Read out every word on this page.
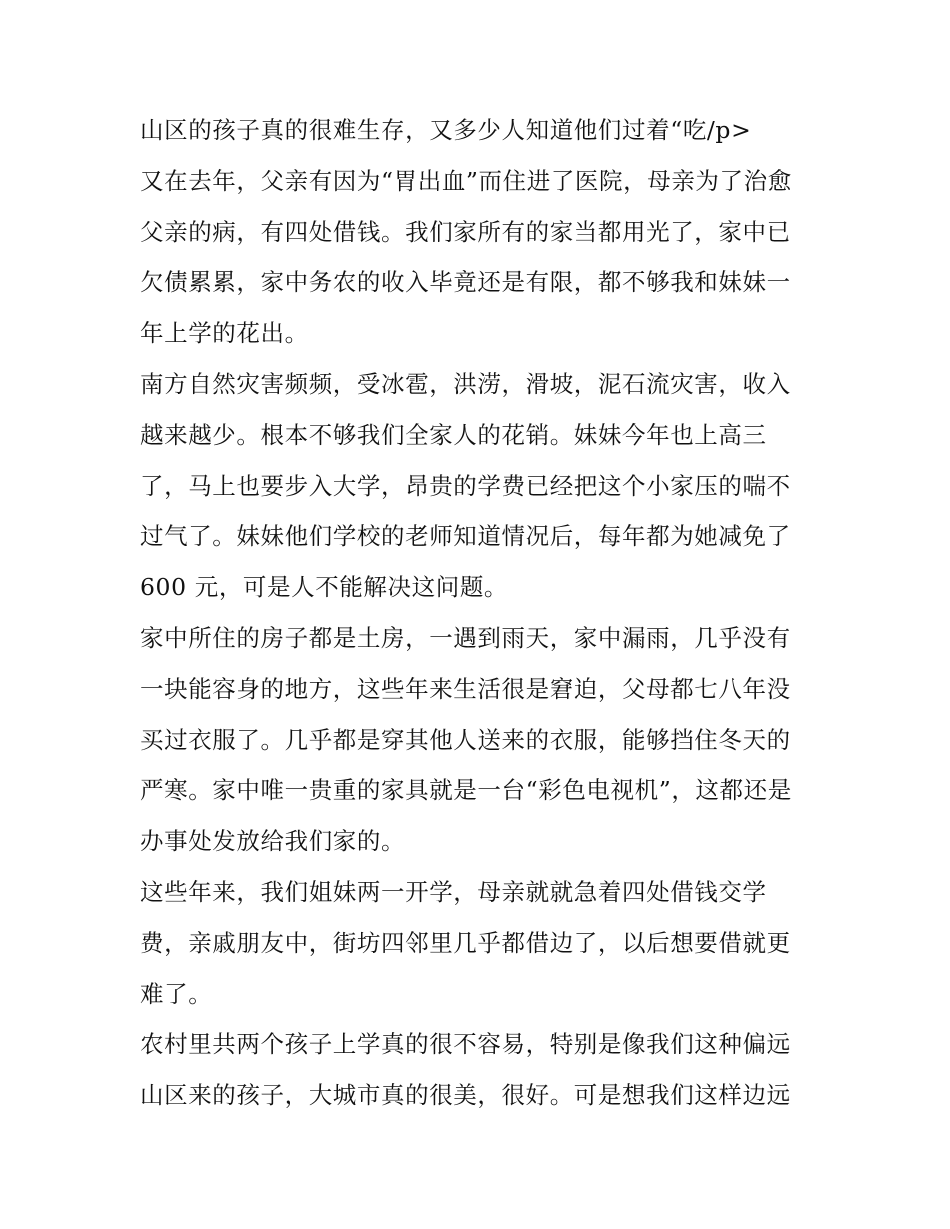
山区的孩子真的很难生存，又多少人知道他们过着“吃/p>
又在去年，父亲有因为“胃出血”而住进了医院，母亲为了治愈
父亲的病，有四处借钱。我们家所有的家当都用光了，家中已
欠债累累，家中务农的收入毕竟还是有限，都不够我和妹妹一
年上学的花出。
南方自然灾害频频，受冰雹，洪涝，滑坡，泥石流灾害，收入
越来越少。根本不够我们全家人的花销。妹妹今年也上高三
了，马上也要步入大学，昂贵的学费已经把这个小家压的喘不
过气了。妹妹他们学校的老师知道情况后，每年都为她减免了
600 元，可是人不能解决这问题。
家中所住的房子都是土房，一遇到雨天，家中漏雨，几乎没有
一块能容身的地方，这些年来生活很是窘迫，父母都七八年没
买过衣服了。几乎都是穿其他人送来的衣服，能够挡住冬天的
严寒。家中唯一贵重的家具就是一台“彩色电视机”，这都还是
办事处发放给我们家的。
这些年来，我们姐妹两一开学，母亲就就急着四处借钱交学
费，亲戚朋友中，街坊四邻里几乎都借边了，以后想要借就更
难了。
农村里共两个孩子上学真的很不容易，特别是像我们这种偏远
山区来的孩子，大城市真的很美，很好。可是想我们这样边远
